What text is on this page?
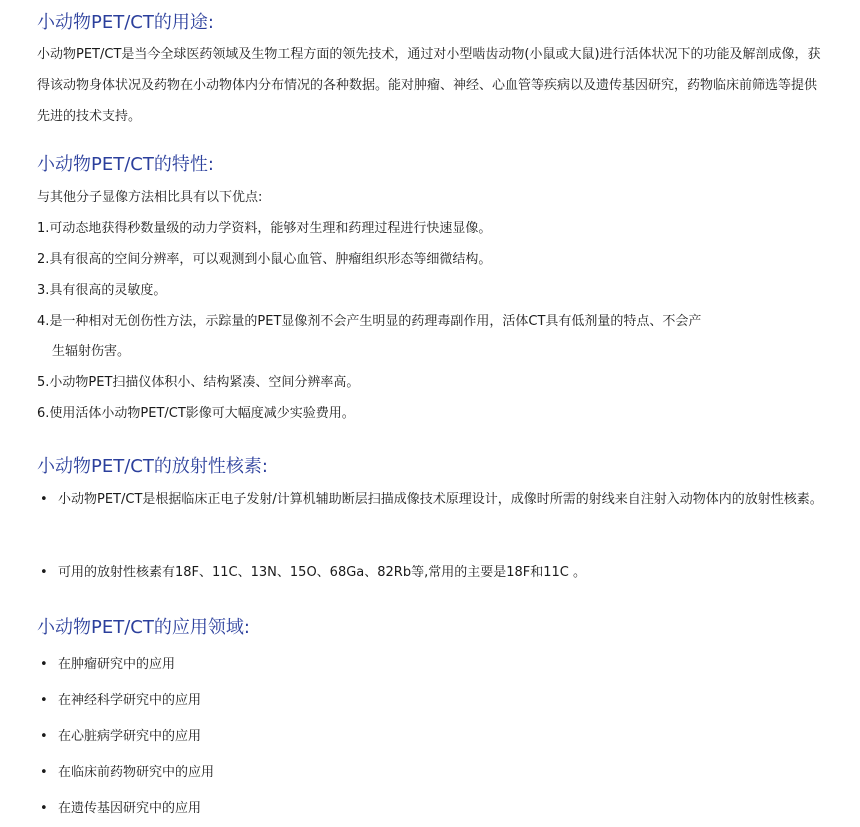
小动物PET/CT的用途:

小动物PET/CT是当今全球医药领域及生物工程方面的领先技术，通过对小型啮齿动物(小鼠或大鼠)进行活体状况下的功能及解剖成像，获得该动物身体状况及药物在小动物体内分布情况的各种数据。能对肿瘤、神经、心血管等疾病以及遗传基因研究，药物临床前筛选等提供先进的技术支持。

小动物PET/CT的特性:

与其他分子显像方法相比具有以下优点:

1.可动态地获得秒数量级的动力学资料，能够对生理和药理过程进行快速显像。

2.具有很高的空间分辨率，可以观测到小鼠心血管、肿瘤组织形态等细微结构。

3.具有很高的灵敏度。

4.是一种相对无创伤性方法，示踪量的PET显像剂不会产生明显的药理毒副作用，活体CT具有低剂量的特点、不会产

生辐射伤害。

5.小动物PET扫描仪体积小、结构紧凑、空间分辨率高。

6.使用活体小动物PET/CT影像可大幅度减少实验费用。

小动物PET/CT的放射性核素:
• 小动物PET/CT是根据临床正电子发射/计算机辅助断层扫描成像技术原理设计，成像时所需的射线来自注射入动物体内的放射性核素。
• 可用的放射性核素有18F、11C、13N、15O、68Ga、82Rb等,常用的主要是18F和11C 。
小动物PET/CT的应用领域:
• 在肿瘤研究中的应用
• 在神经科学研究中的应用
• 在心脏病学研究中的应用
• 在临床前药物研究中的应用
• 在遗传基因研究中的应用
